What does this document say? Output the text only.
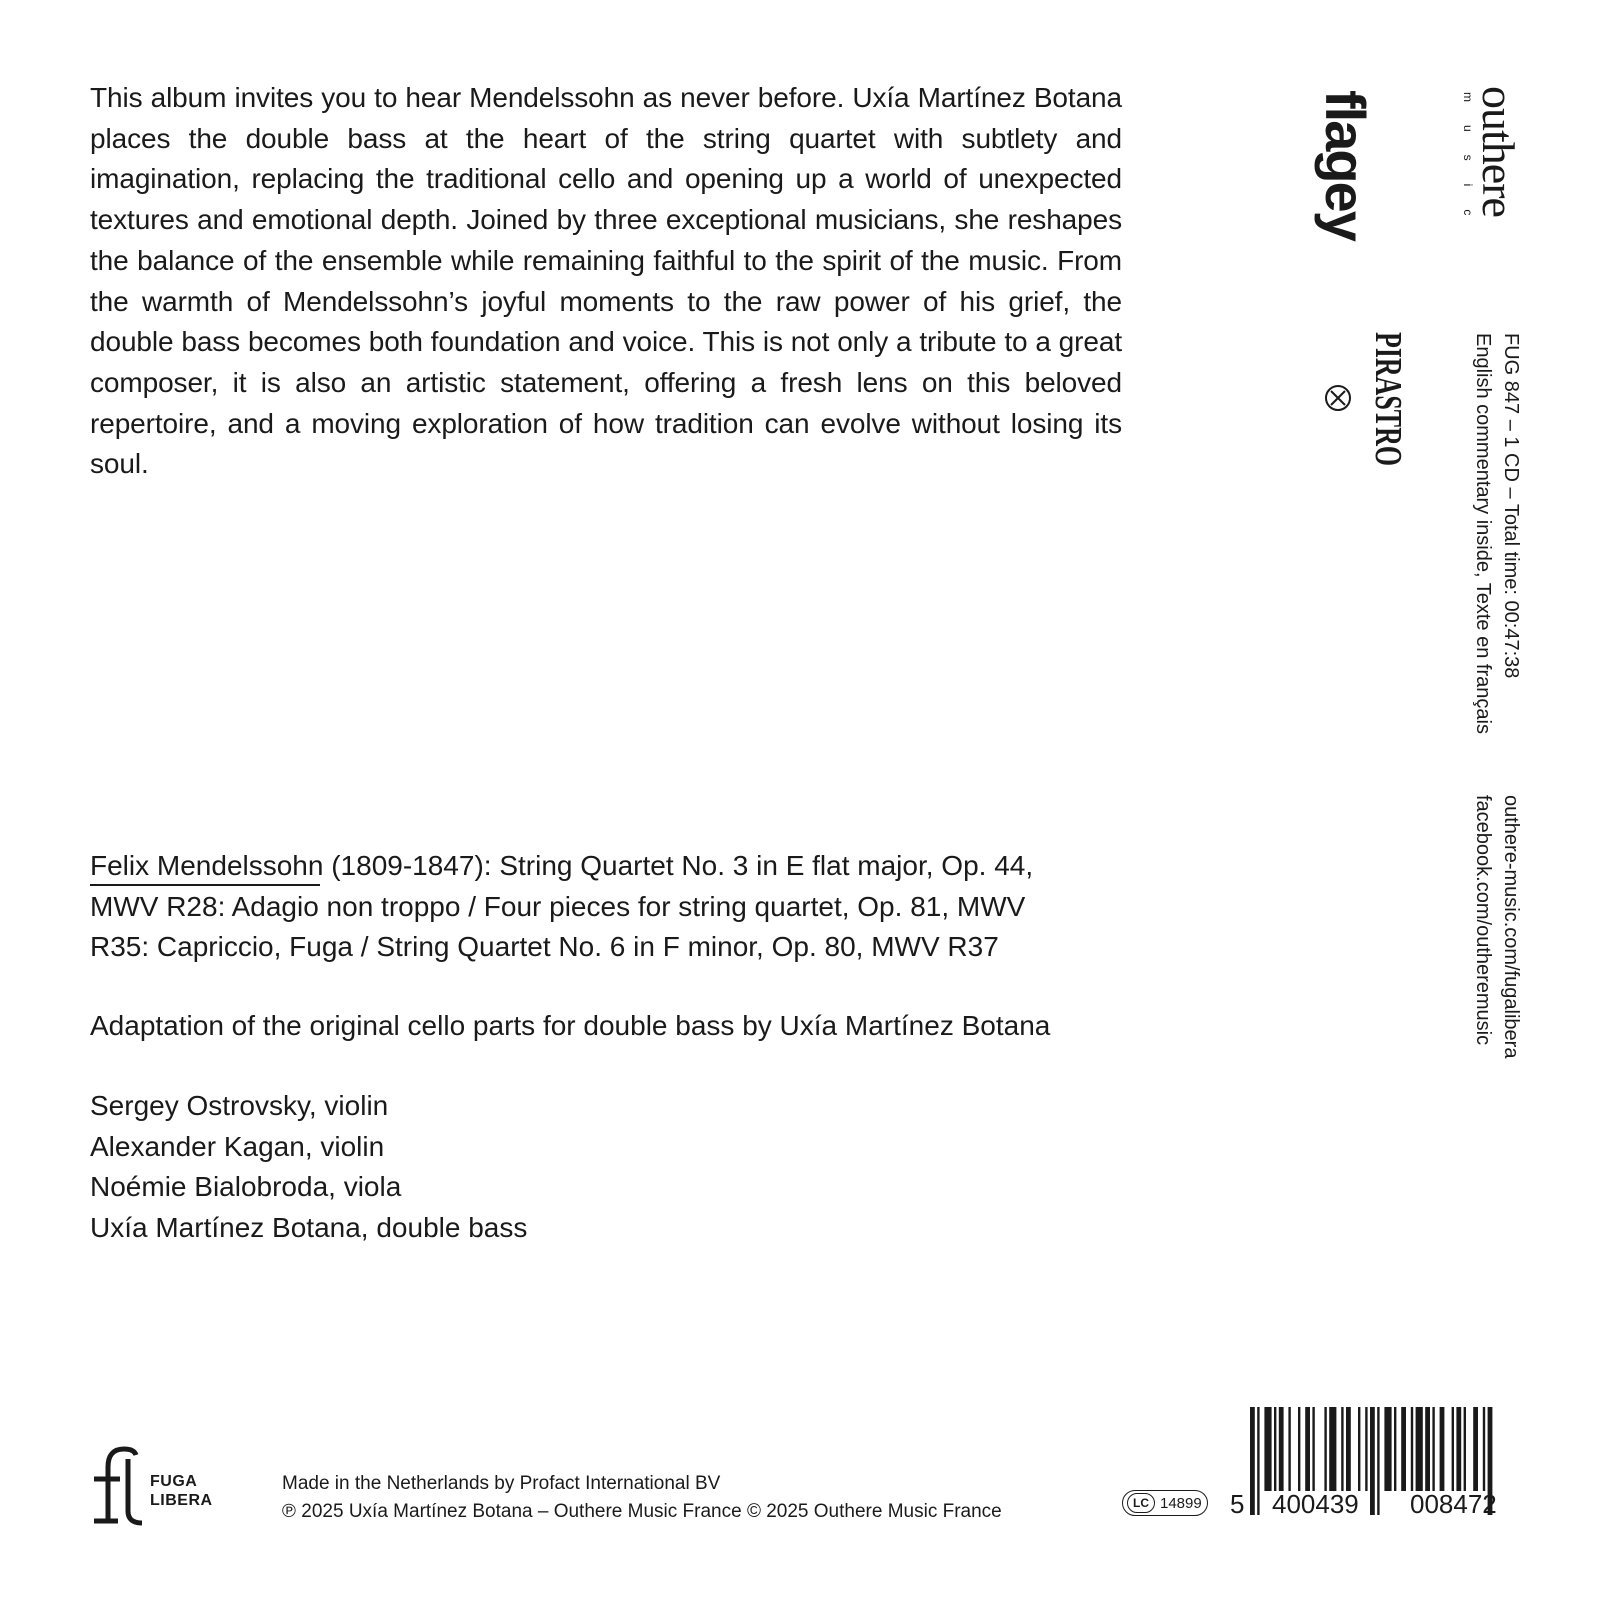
This album invites you to hear Mendelssohn as never before. Uxía Martínez Botana places the double bass at the heart of the string quartet with subtlety and imagination, replacing the traditional cello and opening up a world of unexpected textures and emotional depth. Joined by three exceptional musicians, she reshapes the balance of the ensemble while remaining faithful to the spirit of the music. From the warmth of Mendelssohn’s joyful moments to the raw power of his grief, the double bass becomes both foundation and voice. This is not only a tribute to a great composer, it is also an artistic statement, offering a fresh lens on this beloved repertoire, and a moving exploration of how tradition can evolve without losing its soul.
Felix Mendelssohn (1809-1847): String Quartet No. 3 in E flat major, Op. 44,
MWV R28: Adagio non troppo / Four pieces for string quartet, Op. 81, MWV
R35: Capriccio, Fuga / String Quartet No. 6 in F minor, Op. 80, MWV R37
Adaptation of the original cello parts for double bass by Uxía Martínez Botana
Sergey Ostrovsky, violin
Alexander Kagan, violin
Noémie Bialobroda, viola
Uxía Martínez Botana, double bass
outhere
music
flagey
PIRASTRO	FUG 847 – 1 CD – Total time: 00:47:38
English commentary inside, Texte en français
outhere-music.com/fugalibera
facebook.com/outheremusic
FUGA
LIBERA
Made in the Netherlands by Profact International BV
℗ 2025 Uxía Martínez Botana – Outhere Music France © 2025 Outhere Music France	LC 14899 5 400439 008472
